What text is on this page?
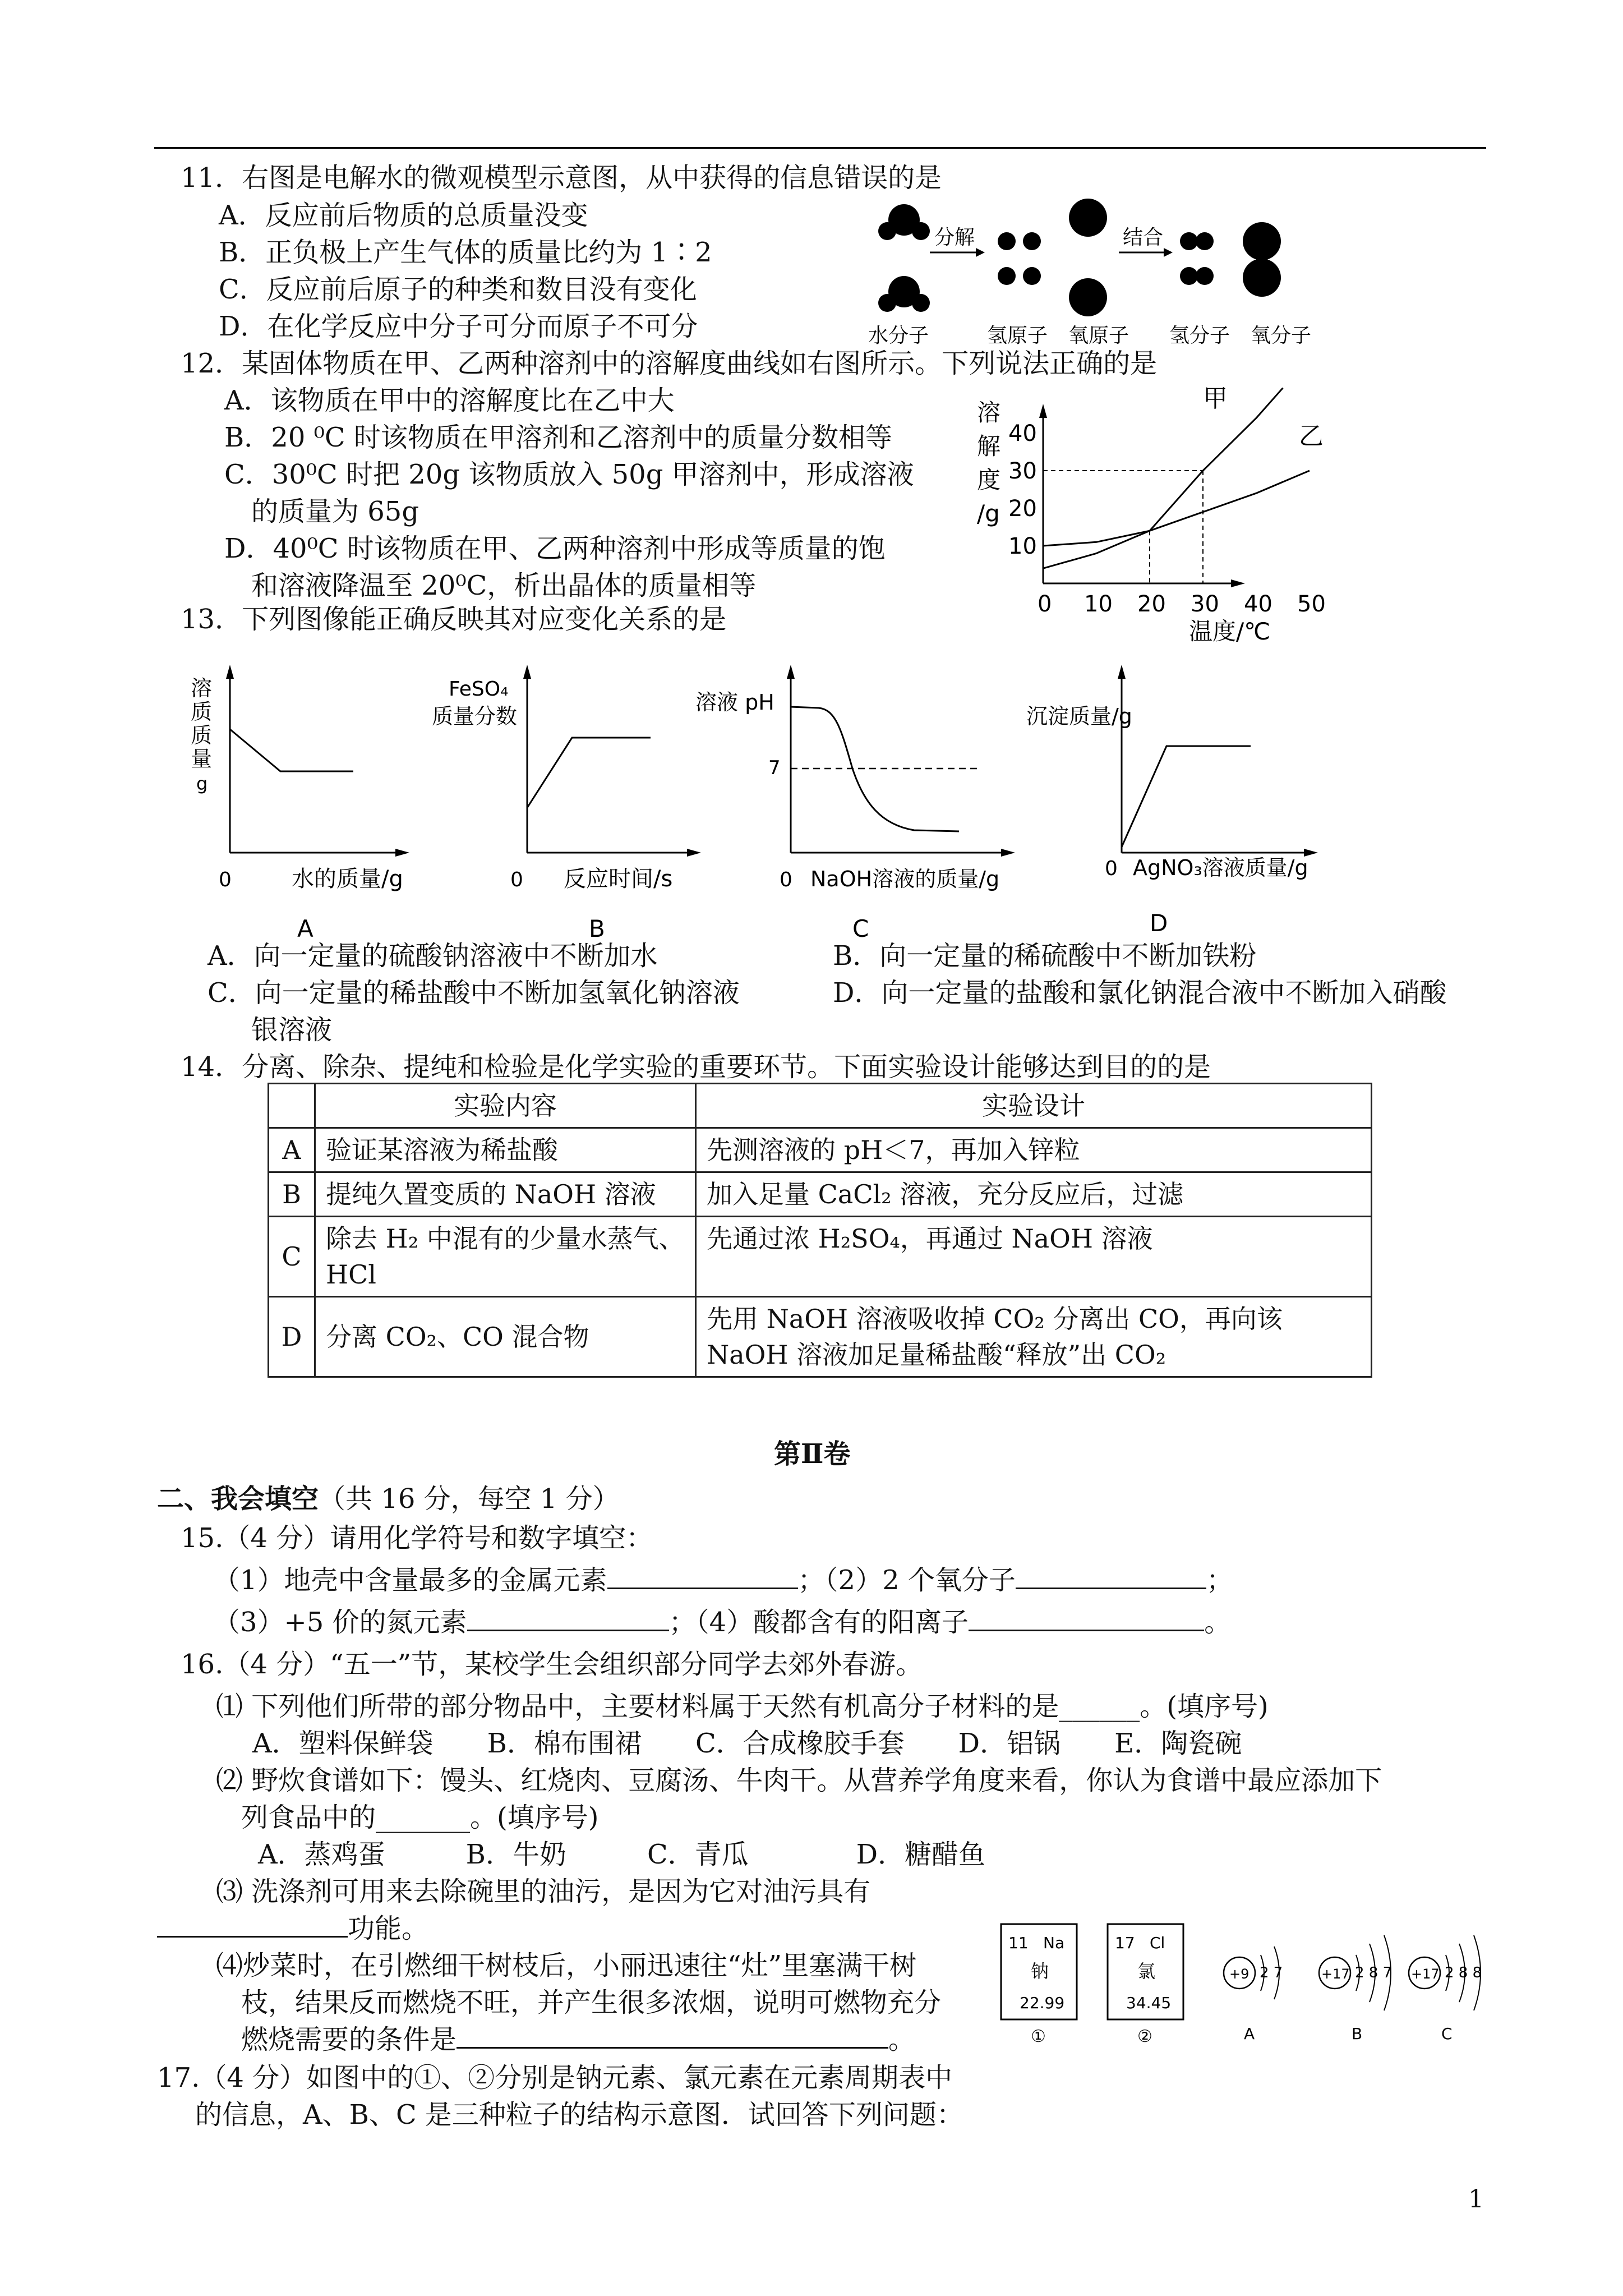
11．右图是电解水的微观模型示意图，从中获得的信息错误的是
A．反应前后物质的总质量没变
B．正负极上产生气体的质量比约为 1∶2
C．反应前后原子的种类和数目没有变化
D．在化学反应中分子可分而原子不可分
分解	结合
水分子	氢原子 氧原子 氢分子 氧分子
12．某固体物质在甲、乙两种溶剂中的溶解度曲线如右图所示。下列说法正确的是
A．该物质在甲中的溶解度比在乙中大
B．20 ⁰C 时该物质在甲溶剂和乙溶剂中的质量分数相等
C．30⁰C 时把 20g 该物质放入 50g 甲溶剂中，形成溶液
的质量为 65g
D．40⁰C 时该物质在甲、乙两种溶剂中形成等质量的饱
和溶液降温至 20⁰C，析出晶体的质量相等
溶
解
度
/g
温度/℃
0 10 20 30 40 50
10
20
30
40
甲
乙
13．下列图像能正确反映其对应变化关系的是
溶
质
质
量
g
0	水的质量/g
A
FeSO₄
质量分数
0 反应时间/s
B
溶液 pH
7
0 NaOH溶液的质量/g
C
沉淀质量/g
0 AgNO₃溶液质量/g
D
A．向一定量的硫酸钠溶液中不断加水	B．向一定量的稀硫酸中不断加铁粉
C．向一定量的稀盐酸中不断加氢氧化钠溶液	D．向一定量的盐酸和氯化钠混合液中不断加入硝酸
银溶液
14．分离、除杂、提纯和检验是化学实验的重要环节。下面实验设计能够达到目的的是
	实验内容	实验设计
A	验证某溶液为稀盐酸	先测溶液的 pH＜7，再加入锌粒
B	提纯久置变质的 NaOH 溶液	加入足量 CaCl₂ 溶液，充分反应后，过滤
C	除去 H₂ 中混有的少量水蒸气、HCl	先通过浓 H₂SO₄，再通过 NaOH 溶液
D	分离 CO₂、CO 混合物	先用 NaOH 溶液吸收掉 CO₂ 分离出 CO，再向该 NaOH 溶液加足量稀盐酸“释放”出 CO₂
第Ⅱ卷
二、我会填空（共 16 分，每空 1 分）
15.（4 分）请用化学符号和数字填空：
（1）地壳中含量最多的金属元素	；（2）2 个氧分子	；
（3）+5 价的氮元素	；（4）酸都含有的阳离子	。
16.（4 分）“五一”节，某校学生会组织部分同学去郊外春游。
⑴ 下列他们所带的部分物品中，主要材料属于天然有机高分子材料的是______。(填序号)
A．塑料保鲜袋　　B．棉布围裙　　C．合成橡胶手套　　D．铝锅　　E．陶瓷碗
⑵ 野炊食谱如下：馒头、红烧肉、豆腐汤、牛肉干。从营养学角度来看，你认为食谱中最应添加下
列食品中的_______。(填序号)
A．蒸鸡蛋　　　B．牛奶　　　C．青瓜　　　　D．糖醋鱼
⑶ 洗涤剂可用来去除碗里的油污，是因为它对油污具有
功能。
⑷炒菜时，在引燃细干树枝后，小丽迅速往“灶”里塞满干树
枝，结果反而燃烧不旺，并产生很多浓烟，说明可燃物充分
燃烧需要的条件是	。
17.（4 分）如图中的①、②分别是钠元素、氯元素在元素周期表中
的信息，A、B、C 是三种粒子的结构示意图．试回答下列问题：
11 Na
钠
22.99
①
17 Cl
氯
34.45
②
+9 2 7
A
+17 2 8 7
B
+17 2 8 8
C
1
